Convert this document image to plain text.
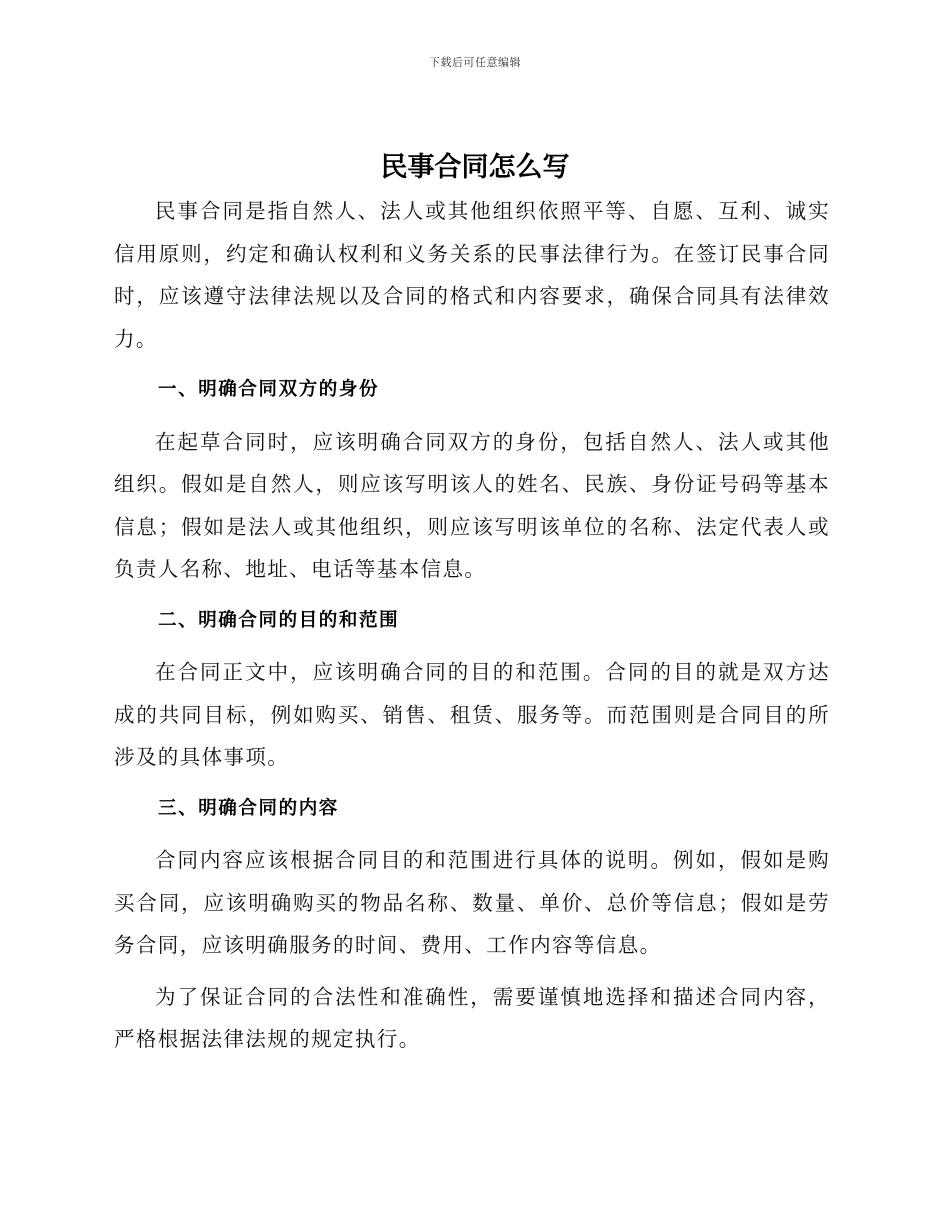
下载后可任意编辑
民事合同怎么写

民事合同是指自然人、法人或其他组织依照平等、自愿、互利、诚实信用原则，约定和确认权利和义务关系的民事法律行为。在签订民事合同时，应该遵守法律法规以及合同的格式和内容要求，确保合同具有法律效力。

一、明确合同双方的身份

在起草合同时，应该明确合同双方的身份，包括自然人、法人或其他组织。假如是自然人，则应该写明该人的姓名、民族、身份证号码等基本信息；假如是法人或其他组织，则应该写明该单位的名称、法定代表人或负责人名称、地址、电话等基本信息。

二、明确合同的目的和范围

在合同正文中，应该明确合同的目的和范围。合同的目的就是双方达成的共同目标，例如购买、销售、租赁、服务等。而范围则是合同目的所涉及的具体事项。

三、明确合同的内容

合同内容应该根据合同目的和范围进行具体的说明。例如，假如是购买合同，应该明确购买的物品名称、数量、单价、总价等信息；假如是劳务合同，应该明确服务的时间、费用、工作内容等信息。

为了保证合同的合法性和准确性，需要谨慎地选择和描述合同内容，严格根据法律法规的规定执行。
